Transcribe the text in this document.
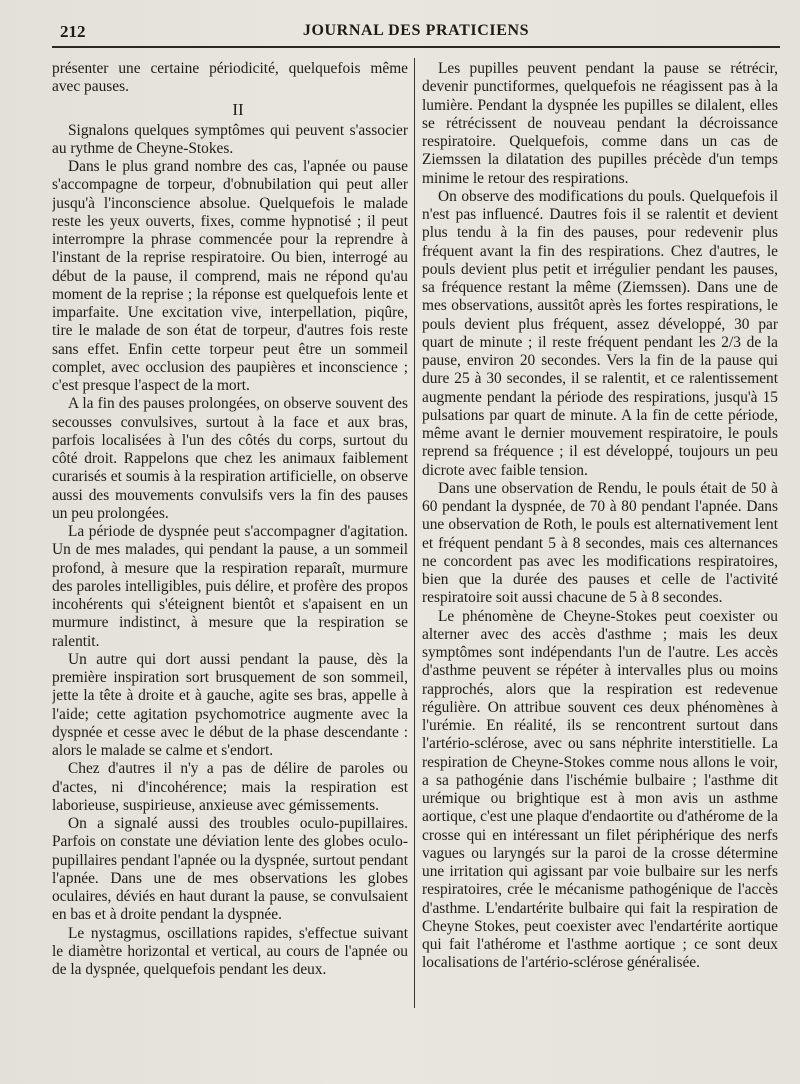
212	JOURNAL DES PRATICIENS

présenter une certaine périodicité, quelquefois même avec pauses.

II

Signalons quelques symptômes qui peuvent s'associer au rythme de Cheyne-Stokes.

Dans le plus grand nombre des cas, l'apnée ou pause s'accompagne de torpeur, d'obnubilation qui peut aller jusqu'à l'inconscience absolue. Quelquefois le malade reste les yeux ouverts, fixes, comme hypnotisé ; il peut interrompre la phrase commencée pour la reprendre à l'instant de la reprise respiratoire. Ou bien, interrogé au début de la pause, il comprend, mais ne répond qu'au moment de la reprise ; la réponse est quelquefois lente et imparfaite. Une excitation vive, interpellation, piqûre, tire le malade de son état de torpeur, d'autres fois reste sans effet. Enfin cette torpeur peut être un sommeil complet, avec occlusion des paupières et inconscience ; c'est presque l'aspect de la mort.

A la fin des pauses prolongées, on observe souvent des secousses convulsives, surtout à la face et aux bras, parfois localisées à l'un des côtés du corps, surtout du côté droit. Rappelons que chez les animaux faiblement curarisés et soumis à la respiration artificielle, on observe aussi des mouvements convulsifs vers la fin des pauses un peu prolongées.

La période de dyspnée peut s'accompagner d'agitation. Un de mes malades, qui pendant la pause, a un sommeil profond, à mesure que la respiration reparaît, murmure des paroles intelligibles, puis délire, et profère des propos incohérents qui s'éteignent bientôt et s'apaisent en un murmure indistinct, à mesure que la respiration se ralentit.

Un autre qui dort aussi pendant la pause, dès la première inspiration sort brusquement de son sommeil, jette la tête à droite et à gauche, agite ses bras, appelle à l'aide; cette agitation psychomotrice augmente avec la dyspnée et cesse avec le début de la phase descendante : alors le malade se calme et s'endort.

Chez d'autres il n'y a pas de délire de paroles ou d'actes, ni d'incohérence; mais la respiration est laborieuse, suspirieuse, anxieuse avec gémissements.

On a signalé aussi des troubles oculo-pupillaires. Parfois on constate une déviation lente des globes oculo-pupillaires pendant l'apnée ou la dyspnée, surtout pendant l'apnée. Dans une de mes observations les globes oculaires, déviés en haut durant la pause, se convulsaient en bas et à droite pendant la dyspnée.

Le nystagmus, oscillations rapides, s'effectue suivant le diamètre horizontal et vertical, au cours de l'apnée ou de la dyspnée, quelquefois pendant les deux.

Les pupilles peuvent pendant la pause se rétrécir, devenir punctiformes, quelquefois ne réagissent pas à la lumière. Pendant la dyspnée les pupilles se dilalent, elles se rétrécissent de nouveau pendant la décroissance respiratoire. Quelquefois, comme dans un cas de Ziemssen la dilatation des pupilles précède d'un temps minime le retour des respirations.

On observe des modifications du pouls. Quelquefois il n'est pas influencé. Dautres fois il se ralentit et devient plus tendu à la fin des pauses, pour redevenir plus fréquent avant la fin des respirations. Chez d'autres, le pouls devient plus petit et irrégulier pendant les pauses, sa fréquence restant la même (Ziemssen). Dans une de mes observations, aussitôt après les fortes respirations, le pouls devient plus fréquent, assez développé, 30 par quart de minute ; il reste fréquent pendant les 2/3 de la pause, environ 20 secondes. Vers la fin de la pause qui dure 25 à 30 secondes, il se ralentit, et ce ralentissement augmente pendant la période des respirations, jusqu'à 15 pulsations par quart de minute. A la fin de cette période, même avant le dernier mouvement respiratoire, le pouls reprend sa fréquence ; il est développé, toujours un peu dicrote avec faible tension.

Dans une observation de Rendu, le pouls était de 50 à 60 pendant la dyspnée, de 70 à 80 pendant l'apnée. Dans une observation de Roth, le pouls est alternativement lent et fréquent pendant 5 à 8 secondes, mais ces alternances ne concordent pas avec les modifications respiratoires, bien que la durée des pauses et celle de l'activité respiratoire soit aussi chacune de 5 à 8 secondes.

Le phénomène de Cheyne-Stokes peut coexister ou alterner avec des accès d'asthme ; mais les deux symptômes sont indépendants l'un de l'autre. Les accès d'asthme peuvent se répéter à intervalles plus ou moins rapprochés, alors que la respiration est redevenue régulière. On attribue souvent ces deux phénomènes à l'urémie. En réalité, ils se rencontrent surtout dans l'artério-sclérose, avec ou sans néphrite interstitielle. La respiration de Cheyne-Stokes comme nous allons le voir, a sa pathogénie dans l'ischémie bulbaire ; l'asthme dit urémique ou brightique est à mon avis un asthme aortique, c'est une plaque d'endaortite ou d'athérome de la crosse qui en intéressant un filet périphérique des nerfs vagues ou laryngés sur la paroi de la crosse détermine une irritation qui agissant par voie bulbaire sur les nerfs respiratoires, crée le mécanisme pathogénique de l'accès d'asthme. L'endartérite bulbaire qui fait la respiration de Cheyne Stokes, peut coexister avec l'endartérite aortique qui fait l'athérome et l'asthme aortique ; ce sont deux localisations de l'artério-sclérose généralisée.
